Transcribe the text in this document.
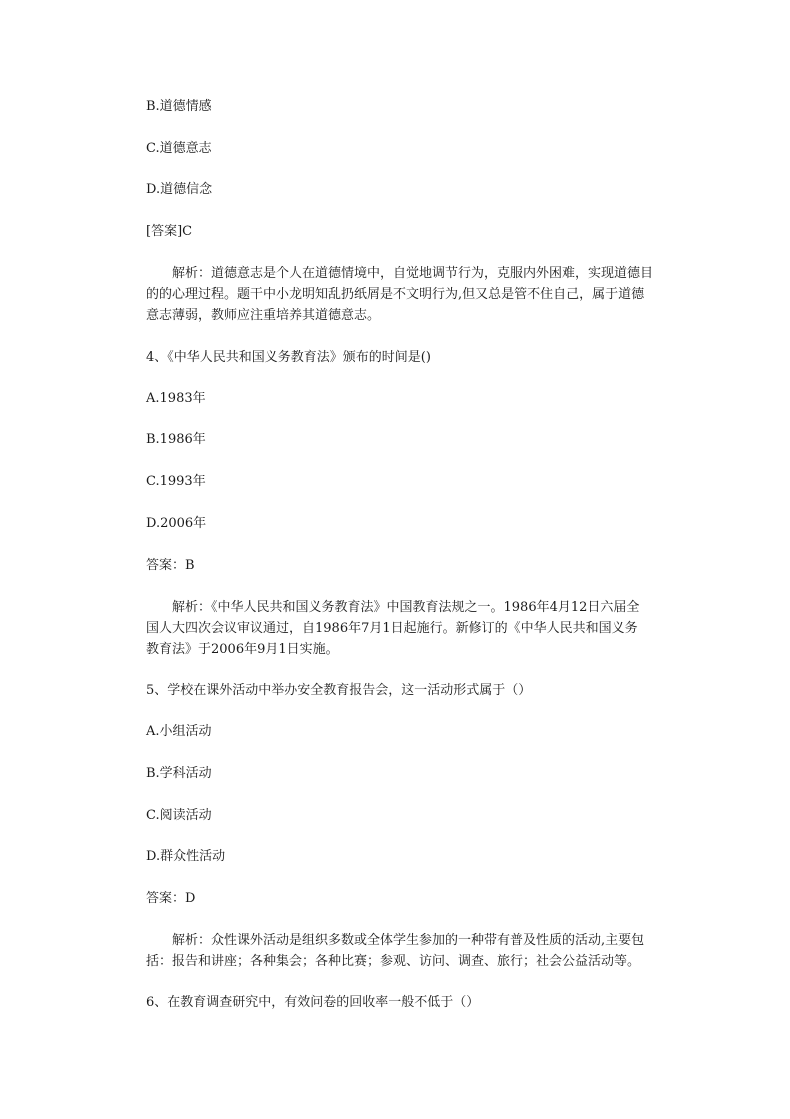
B.道德情感
C.道德意志
D.道德信念
[答案]C
解析：道德意志是个人在道德情境中，自觉地调节行为，克服内外困难，实现道德目
的的心理过程。题干中小龙明知乱扔纸屑是不文明行为,但又总是管不住自己，属于道德
意志薄弱，教师应注重培养其道德意志。
4、《中华人民共和国义务教育法》颁布的时间是()
A.1983年
B.1986年
C.1993年
D.2006年
答案：B
解析：《中华人民共和国义务教育法》中国教育法规之一。1986年4月12日六届全
国人大四次会议审议通过，自1986年7月1日起施行。新修订的《中华人民共和国义务
教育法》于2006年9月1日实施。
5、学校在课外活动中举办安全教育报告会，这一活动形式属于（）
A.小组活动
B.学科活动
C.阅读活动
D.群众性活动
答案：D
解析：众性课外活动是组织多数或全体学生参加的一种带有普及性质的活动,主要包
括：报告和讲座；各种集会；各种比赛；参观、访问、调查、旅行；社会公益活动等。
6、在教育调查研究中，有效问卷的回收率一般不低于（）
